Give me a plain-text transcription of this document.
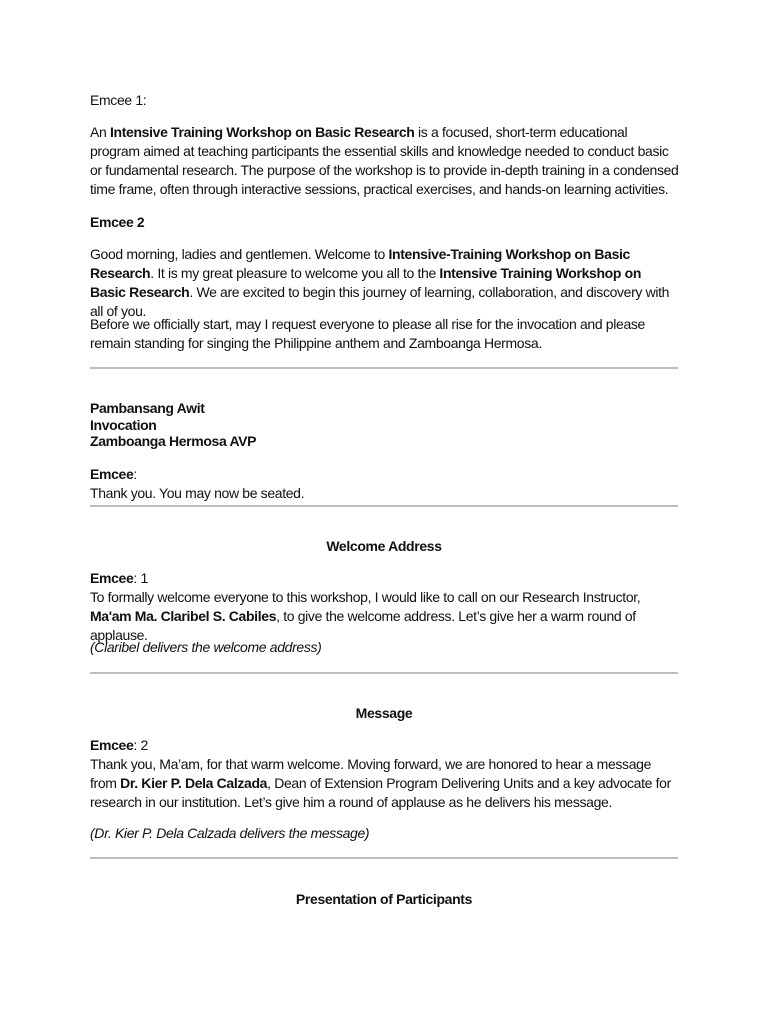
Emcee 1:

An Intensive Training Workshop on Basic Research is a focused, short-term educational program aimed at teaching participants the essential skills and knowledge needed to conduct basic or fundamental research. The purpose of the workshop is to provide in-depth training in a condensed time frame, often through interactive sessions, practical exercises, and hands-on learning activities.

Emcee 2

Good morning, ladies and gentlemen. Welcome to Intensive-Training Workshop on Basic Research. It is my great pleasure to welcome you all to the Intensive Training Workshop on Basic Research. We are excited to begin this journey of learning, collaboration, and discovery with all of you.

Before we officially start, may I request everyone to please all rise for the invocation and please remain standing for singing the Philippine anthem and Zamboanga Hermosa.

Pambansang Awit
Invocation
Zamboanga Hermosa AVP
Emcee:
Thank you. You may now be seated.
Welcome Address
Emcee: 1
To formally welcome everyone to this workshop, I would like to call on our Research Instructor, Ma'am Ma. Claribel S. Cabiles, to give the welcome address. Let’s give her a warm round of applause.
(Claribel delivers the welcome address)
Message
Emcee: 2
Thank you, Ma’am, for that warm welcome. Moving forward, we are honored to hear a message from Dr. Kier P. Dela Calzada, Dean of Extension Program Delivering Units and a key advocate for research in our institution. Let’s give him a round of applause as he delivers his message.
(Dr. Kier P. Dela Calzada delivers the message)
Presentation of Participants
